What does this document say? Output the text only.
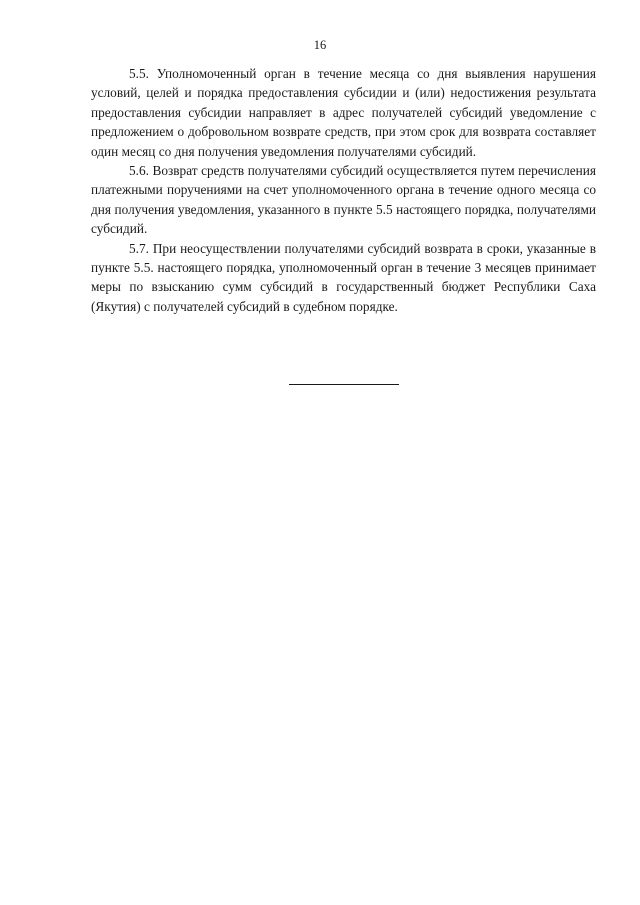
16

5.5. Уполномоченный орган в течение месяца со дня выявления нарушения условий, целей и порядка предоставления субсидии и (или) недостижения результата предоставления субсидии направляет в адрес получателей субсидий уведомление с предложением о добровольном возврате средств, при этом срок для возврата составляет один месяц со дня получения уведомления получателями субсидий.

5.6. Возврат средств получателями субсидий осуществляется путем перечисления платежными поручениями на счет уполномоченного органа в течение одного месяца со дня получения уведомления, указанного в пункте 5.5 настоящего порядка, получателями субсидий.

5.7. При неосуществлении получателями субсидий возврата в сроки, указанные в пункте 5.5. настоящего порядка, уполномоченный орган в течение 3 месяцев принимает меры по взысканию сумм субсидий в государственный бюджет Республики Саха (Якутия) с получателей субсидий в судебном порядке.
